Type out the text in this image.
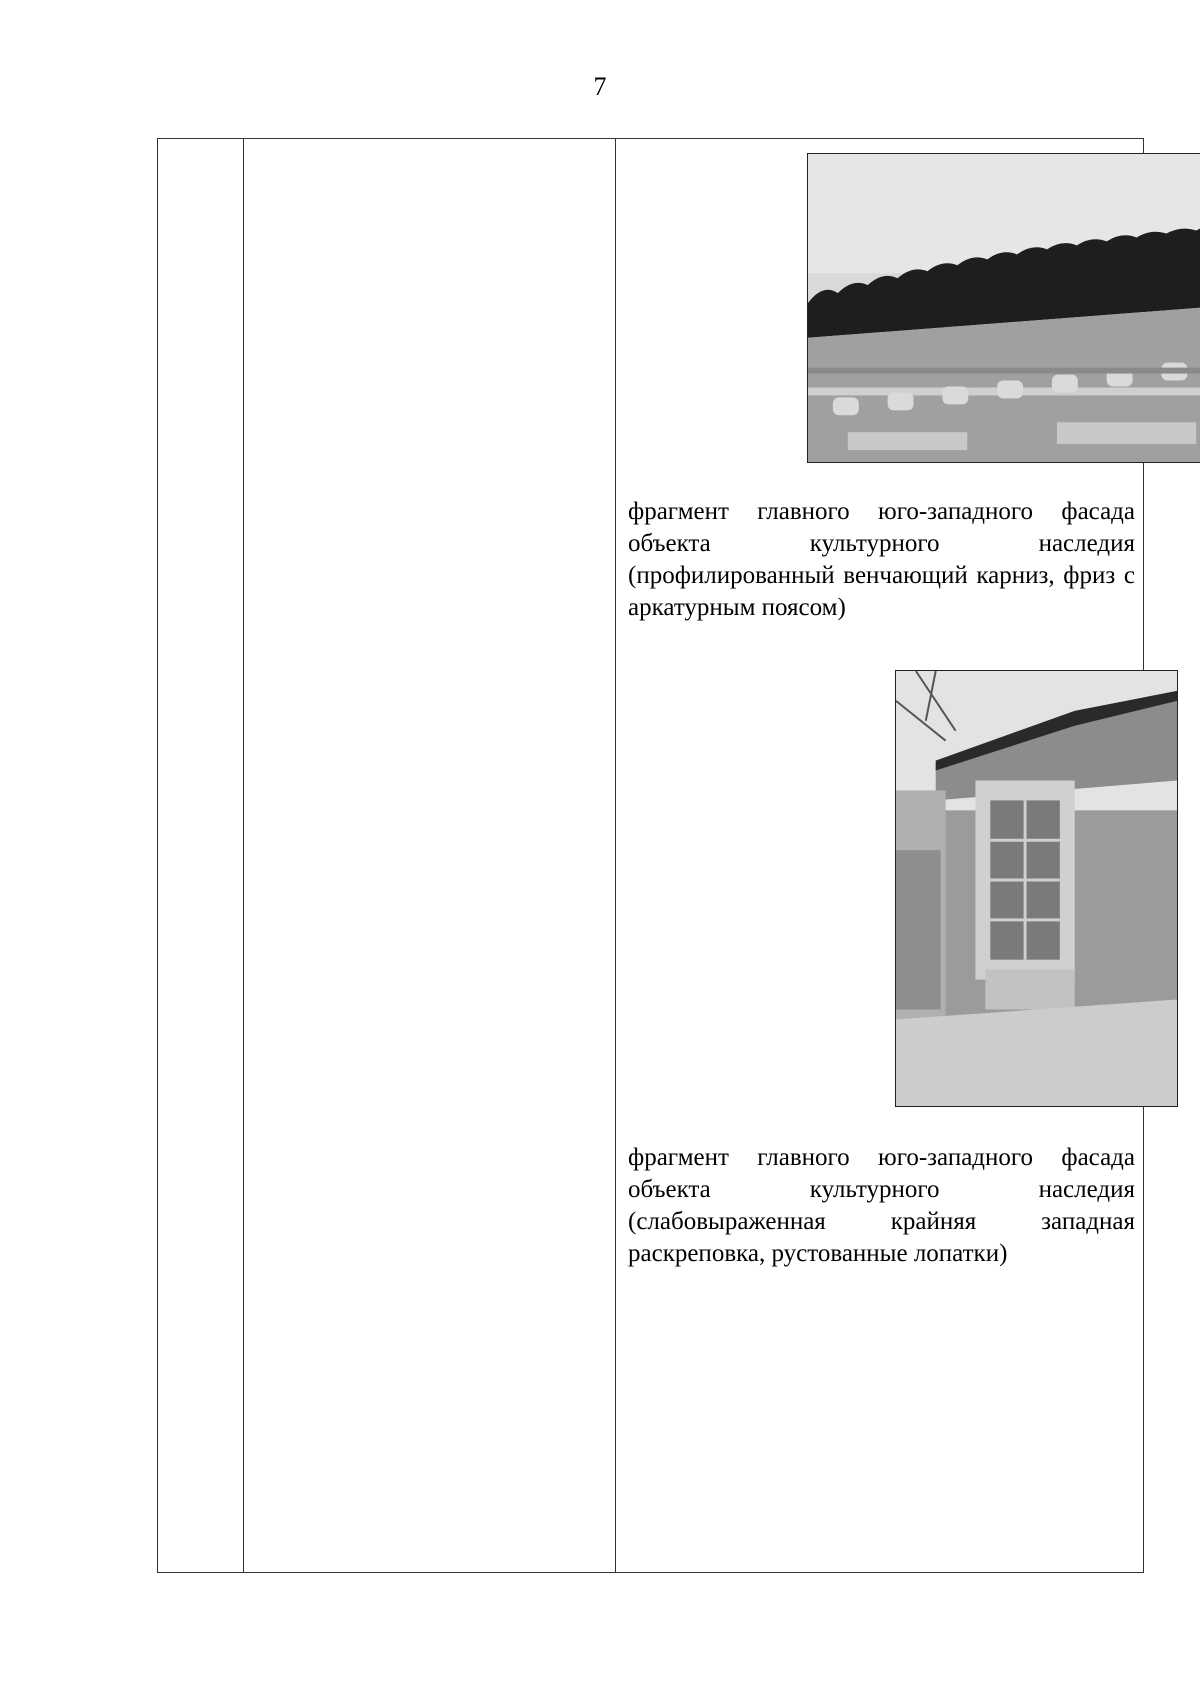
7
фрагмент главного юго-западного фасада объекта культурного наследия (профилированный венчающий карниз, фриз с аркатурным поясом)
фрагмент главного юго-западного фасада объекта культурного наследия (слабовыраженная крайняя западная раскреповка, рустованные лопатки)
